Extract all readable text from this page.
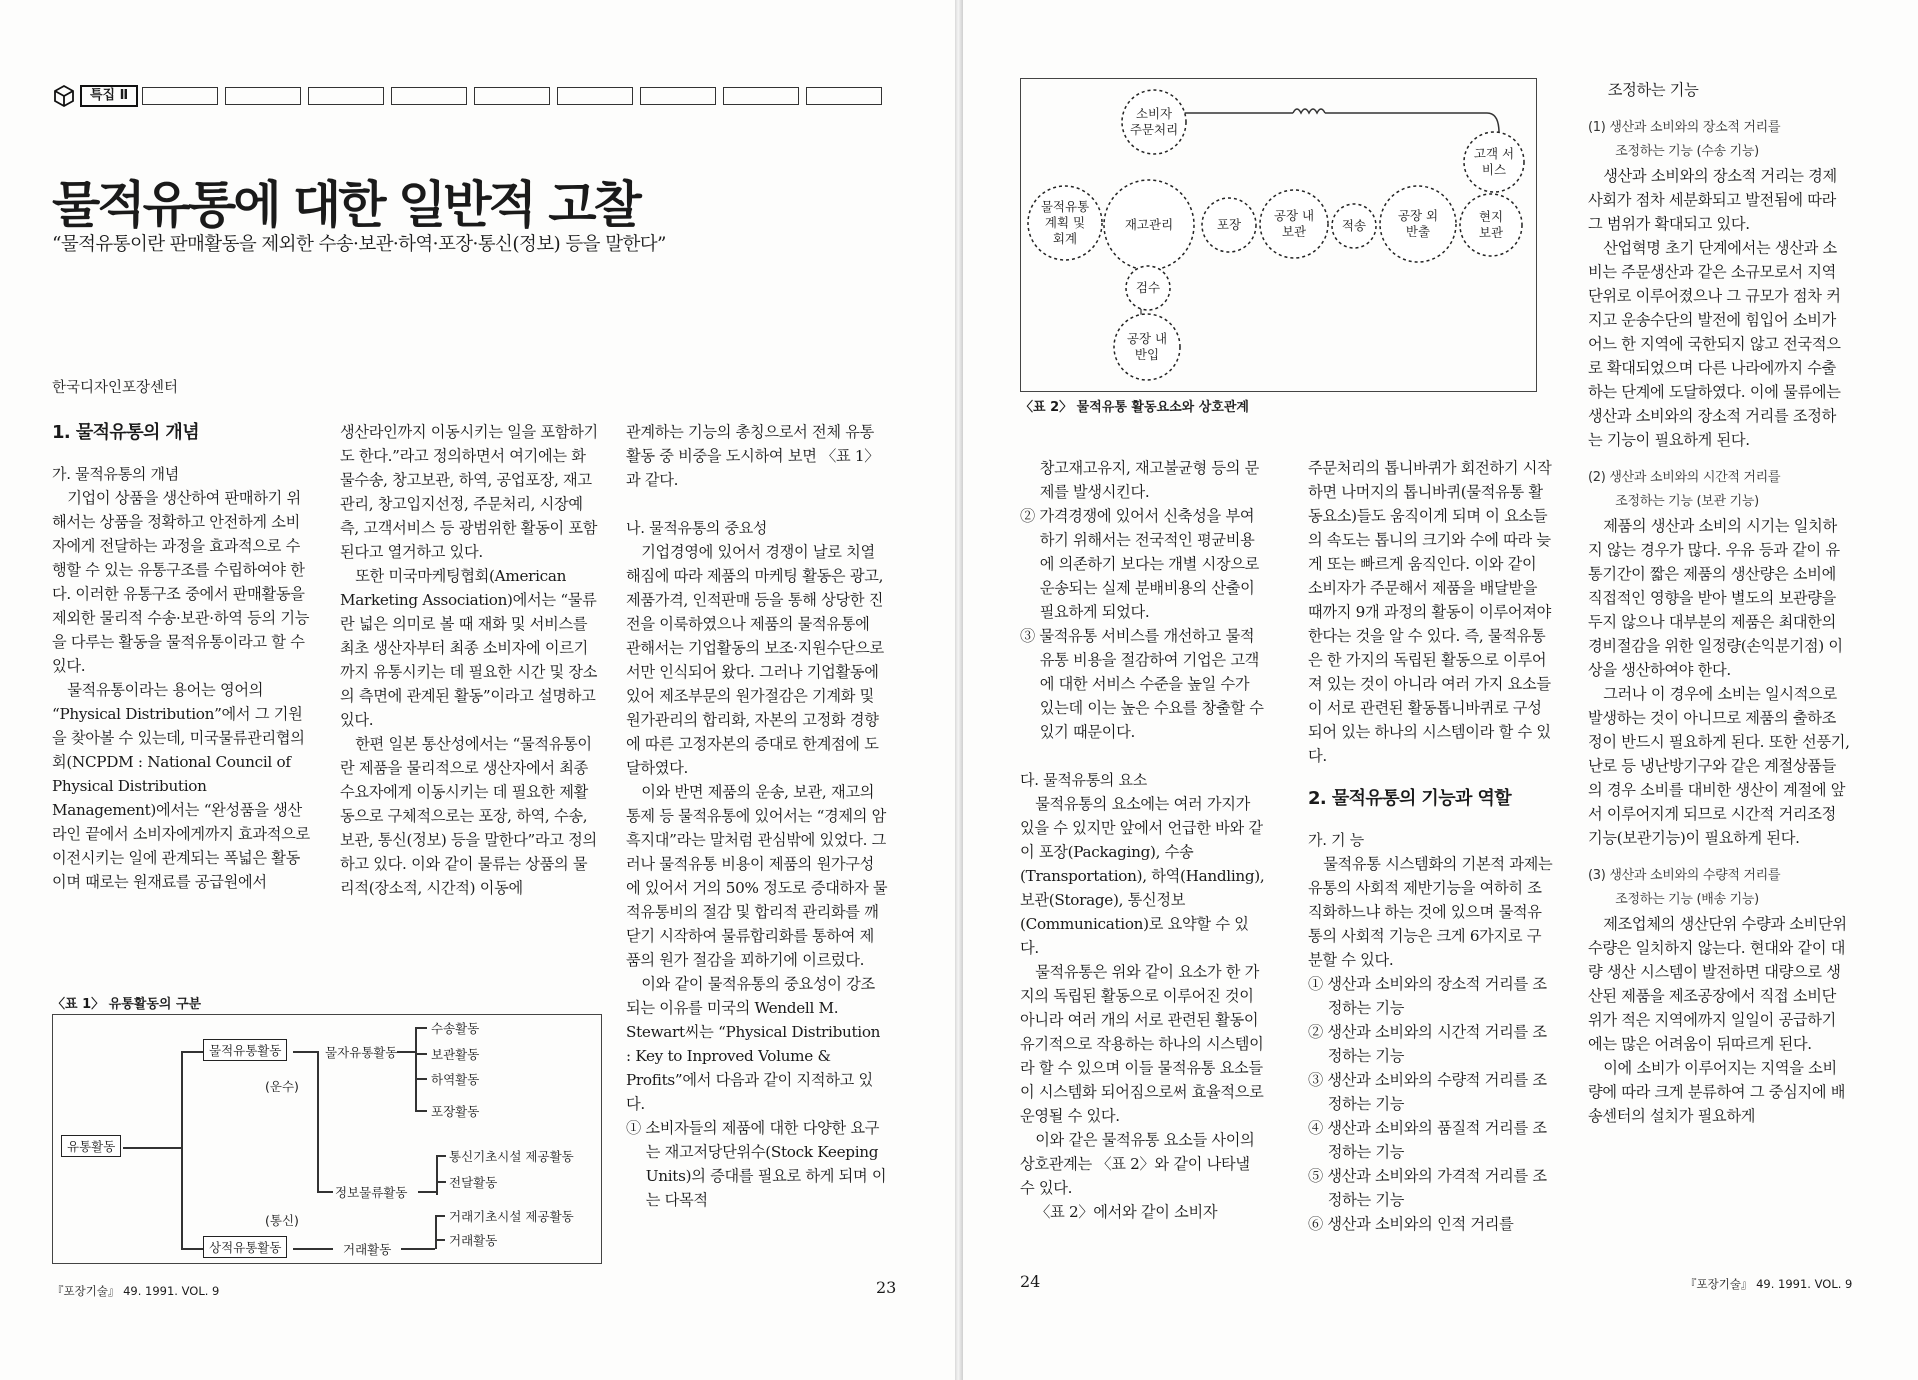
특집 Ⅱ
물적유통에 대한 일반적 고찰
“물적유통이란 판매활동을 제외한 수송·보관·하역·포장·통신(정보) 등을 말한다”
한국디자인포장센터
1. 물적유통의 개념

가. 물적유통의 개념

기업이 상품을 생산하여 판매하기 위해서는 상품을 정확하고 안전하게 소비자에게 전달하는 과정을 효과적으로 수행할 수 있는 유통구조를 수립하여야 한다. 이러한 유통구조 중에서 판매활동을 제외한 물리적 수송·보관·하역 등의 기능을 다루는 활동을 물적유통이라고 할 수 있다.

물적유통이라는 용어는 영어의 “Physical Distribution”에서 그 기원을 찾아볼 수 있는데, 미국물류관리협의회(NCPDM : National Council of Physical Distribution Management)에서는 “완성품을 생산라인 끝에서 소비자에게까지 효과적으로 이전시키는 일에 관계되는 폭넓은 활동이며 때로는 원재료를 공급원에서

생산라인까지 이동시키는 일을 포함하기도 한다.”라고 정의하면서 여기에는 화물수송, 창고보관, 하역, 공업포장, 재고관리, 창고입지선정, 주문처리, 시장예측, 고객서비스 등 광범위한 활동이 포함된다고 열거하고 있다.

또한 미국마케팅협회(American Marketing Association)에서는 “물류란 넓은 의미로 볼 때 재화 및 서비스를 최초 생산자부터 최종 소비자에 이르기까지 유통시키는 데 필요한 시간 및 장소의 측면에 관계된 활동”이라고 설명하고 있다.

한편 일본 통산성에서는 “물적유통이란 제품을 물리적으로 생산자에서 최종 수요자에게 이동시키는 데 필요한 제활동으로 구체적으로는 포장, 하역, 수송, 보관, 통신(정보) 등을 말한다”라고 정의하고 있다. 이와 같이 물류는 상품의 물리적(장소적, 시간적) 이동에

관계하는 기능의 총칭으로서 전체 유통활동 중 비중을 도시하여 보면 〈표 1〉과 같다.

나. 물적유통의 중요성

기업경영에 있어서 경쟁이 날로 치열해짐에 따라 제품의 마케팅 활동은 광고, 제품가격, 인적판매 등을 통해 상당한 진전을 이룩하였으나 제품의 물적유통에 관해서는 기업활동의 보조·지원수단으로서만 인식되어 왔다. 그러나 기업활동에 있어 제조부문의 원가절감은 기계화 및 원가관리의 합리화, 자본의 고정화 경향에 따른 고정자본의 증대로 한계점에 도달하였다.

이와 반면 제품의 운송, 보관, 재고의 통제 등 물적유통에 있어서는 “경제의 암흑지대”라는 말처럼 관심밖에 있었다. 그러나 물적유통 비용이 제품의 원가구성에 있어서 거의 50% 정도로 증대하자 물적유통비의 절감 및 합리적 관리화를 깨닫기 시작하여 물류합리화를 통하여 제품의 원가 절감을 꾀하기에 이르렀다.

이와 같이 물적유통의 중요성이 강조되는 이유를 미국의 Wendell M. Stewart씨는 “Physical Distribution : Key to Inproved Volume & Profits”에서 다음과 같이 지적하고 있다.

① 소비자들의 제품에 대한 다양한 요구는 재고저당단위수(Stock Keeping Units)의 증대를 필요로 하게 되며 이는 다목적

〈표 1〉 유통활동의 구분
유통활동
물적유통활동
상적유통활동
물자유통활동
(운수)
수송활동
보관활동
하역활동
포장활동
정보물류활동
(통신)
통신기초시설 제공활동
전달활동
거래활동
거래기초시설 제공활동
거래활동
『포장기술』 49. 1991. VOL. 9	23
소비자 주문처리
고객 서비스
물적유통 계획 및 회계
재고관리	포장
공장 내 보관	적송
공장 외 반출
현지 보관
검수
공장 내 반입
〈표 2〉 물적유통 활동요소와 상호관계

창고재고유지, 재고불균형 등의 문제를 발생시킨다.

② 가격경쟁에 있어서 신축성을 부여하기 위해서는 전국적인 평균비용에 의존하기 보다는 개별 시장으로 운송되는 실제 분배비용의 산출이 필요하게 되었다.

③ 물적유통 서비스를 개선하고 물적유통 비용을 절감하여 기업은 고객에 대한 서비스 수준을 높일 수가 있는데 이는 높은 수요를 창출할 수 있기 때문이다.

다. 물적유통의 요소

물적유통의 요소에는 여러 가지가 있을 수 있지만 앞에서 언급한 바와 같이 포장(Packaging), 수송(Transportation), 하역(Handling), 보관(Storage), 통신정보(Communication)로 요약할 수 있다.

물적유통은 위와 같이 요소가 한 가지의 독립된 활동으로 이루어진 것이 아니라 여러 개의 서로 관련된 활동이 유기적으로 작용하는 하나의 시스템이라 할 수 있으며 이들 물적유통 요소들이 시스템화 되어짐으로써 효율적으로 운영될 수 있다.

이와 같은 물적유통 요소들 사이의 상호관계는 〈표 2〉와 같이 나타낼 수 있다.

〈표 2〉에서와 같이 소비자

주문처리의 톱니바퀴가 회전하기 시작하면 나머지의 톱니바퀴(물적유통 활동요소)들도 움직이게 되며 이 요소들의 속도는 톱니의 크기와 수에 따라 늦게 또는 빠르게 움직인다. 이와 같이 소비자가 주문해서 제품을 배달받을 때까지 9개 과정의 활동이 이루어져야 한다는 것을 알 수 있다. 즉, 물적유통은 한 가지의 독립된 활동으로 이루어져 있는 것이 아니라 여러 가지 요소들이 서로 관련된 활동톱니바퀴로 구성되어 있는 하나의 시스템이라 할 수 있다.

2. 물적유통의 기능과 역할

가. 기 능

물적유통 시스템화의 기본적 과제는 유통의 사회적 제반기능을 여하히 조직화하느냐 하는 것에 있으며 물적유통의 사회적 기능은 크게 6가지로 구분할 수 있다.

① 생산과 소비와의 장소적 거리를 조정하는 기능

② 생산과 소비와의 시간적 거리를 조정하는 기능

③ 생산과 소비와의 수량적 거리를 조정하는 기능

④ 생산과 소비와의 품질적 거리를 조정하는 기능

⑤ 생산과 소비와의 가격적 거리를 조정하는 기능

⑥ 생산과 소비와의 인적 거리를

조정하는 기능

(1) 생산과 소비와의 장소적 거리를

조정하는 기능 (수송 기능)

생산과 소비와의 장소적 거리는 경제사회가 점차 세분화되고 발전됨에 따라 그 범위가 확대되고 있다.

산업혁명 초기 단계에서는 생산과 소비는 주문생산과 같은 소규모로서 지역단위로 이루어졌으나 그 규모가 점차 커지고 운송수단의 발전에 힘입어 소비가 어느 한 지역에 국한되지 않고 전국적으로 확대되었으며 다른 나라에까지 수출하는 단계에 도달하였다. 이에 물류에는 생산과 소비와의 장소적 거리를 조정하는 기능이 필요하게 된다.

(2) 생산과 소비와의 시간적 거리를

조정하는 기능 (보관 기능)

제품의 생산과 소비의 시기는 일치하지 않는 경우가 많다. 우유 등과 같이 유통기간이 짧은 제품의 생산량은 소비에 직접적인 영향을 받아 별도의 보관량을 두지 않으나 대부분의 제품은 최대한의 경비절감을 위한 일정량(손익분기점) 이상을 생산하여야 한다.

그러나 이 경우에 소비는 일시적으로 발생하는 것이 아니므로 제품의 출하조정이 반드시 필요하게 된다. 또한 선풍기, 난로 등 냉난방기구와 같은 계절상품들의 경우 소비를 대비한 생산이 계절에 앞서 이루어지게 되므로 시간적 거리조정 기능(보관기능)이 필요하게 된다.

(3) 생산과 소비와의 수량적 거리를

조정하는 기능 (배송 기능)

제조업체의 생산단위 수량과 소비단위 수량은 일치하지 않는다. 현대와 같이 대량 생산 시스템이 발전하면 대량으로 생산된 제품을 제조공장에서 직접 소비단위가 적은 지역에까지 일일이 공급하기에는 많은 어려움이 뒤따르게 된다.

이에 소비가 이루어지는 지역을 소비량에 따라 크게 분류하여 그 중심지에 배송센터의 설치가 필요하게

24	『포장기술』 49. 1991. VOL. 9
